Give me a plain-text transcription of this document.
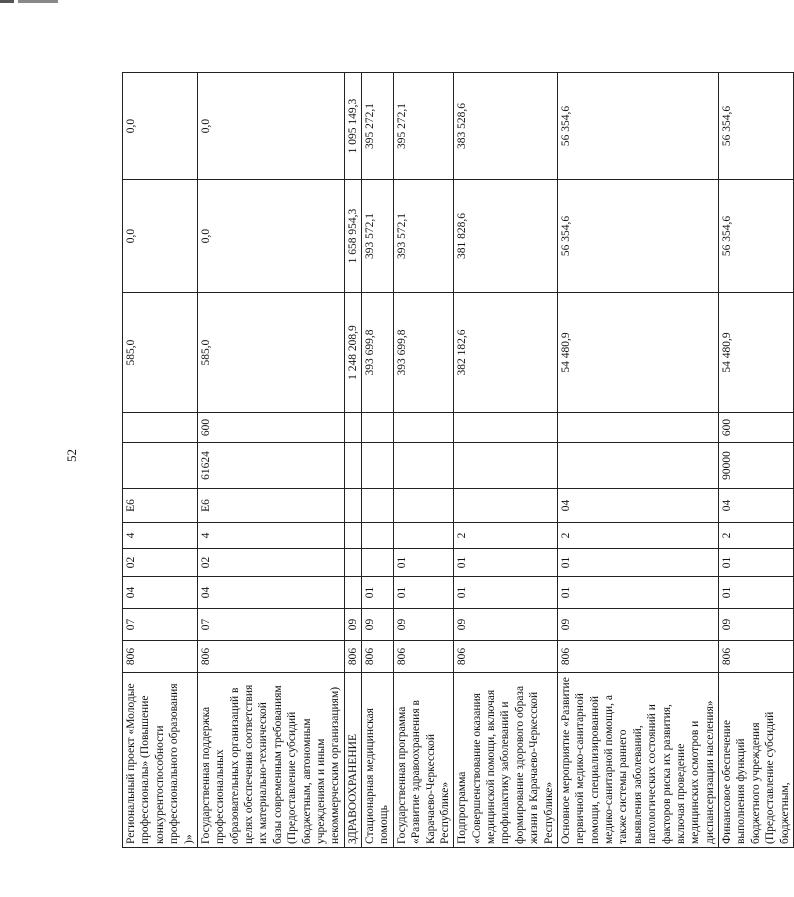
52
Региональный проект «Молодые профессионалы» (Повышение конкурентоспособности профессионального образования )»	806	07	04	02	4	Е6			585,0	0,0	0,0
Государственная поддержка профессиональных образовательных организаций в целях обеспечения соответствия их материально-технической базы современным требованиям (Предоставление субсидий бюджетным, автономным учреждениям и иным некоммерческим организациям)	806	07	04	02	4	Е6	61624	600	585,0	0,0	0,0
ЗДРАВООХРАНЕНИЕ	806	09							1 248 208,9	1 658 954,3	1 095 149,3
Стационарная медицинская помощь	806	09	01						393 699,8	393 572,1	395 272,1
Государственная программа «Развитие здравоохранения в Карачаево-Черкесской Республике»	806	09	01	01					393 699,8	393 572,1	395 272,1
Подпрограмма «Совершенствование оказания медицинской помощи, включая профилактику заболеваний и формирование здорового образа жизни в Карачаево-Черкесской Республике»	806	09	01	01	2				382 182,6	381 828,6	383 528,6
Основное мероприятие «Развитие первичной медико-санитарной помощи, специализированной медико-санитарной помощи, а также системы раннего выявления заболеваний, патологических состояний и факторов риска их развития, включая проведение медицинских осмотров и диспансеризации населения»	806	09	01	01	2	04			54 480,9	56 354,6	56 354,6
Финансовое обеспечение выполнения функций бюджетного учреждения (Предоставление субсидий бюджетным,	806	09	01	01	2	04	90000	600	54 480,9	56 354,6	56 354,6
